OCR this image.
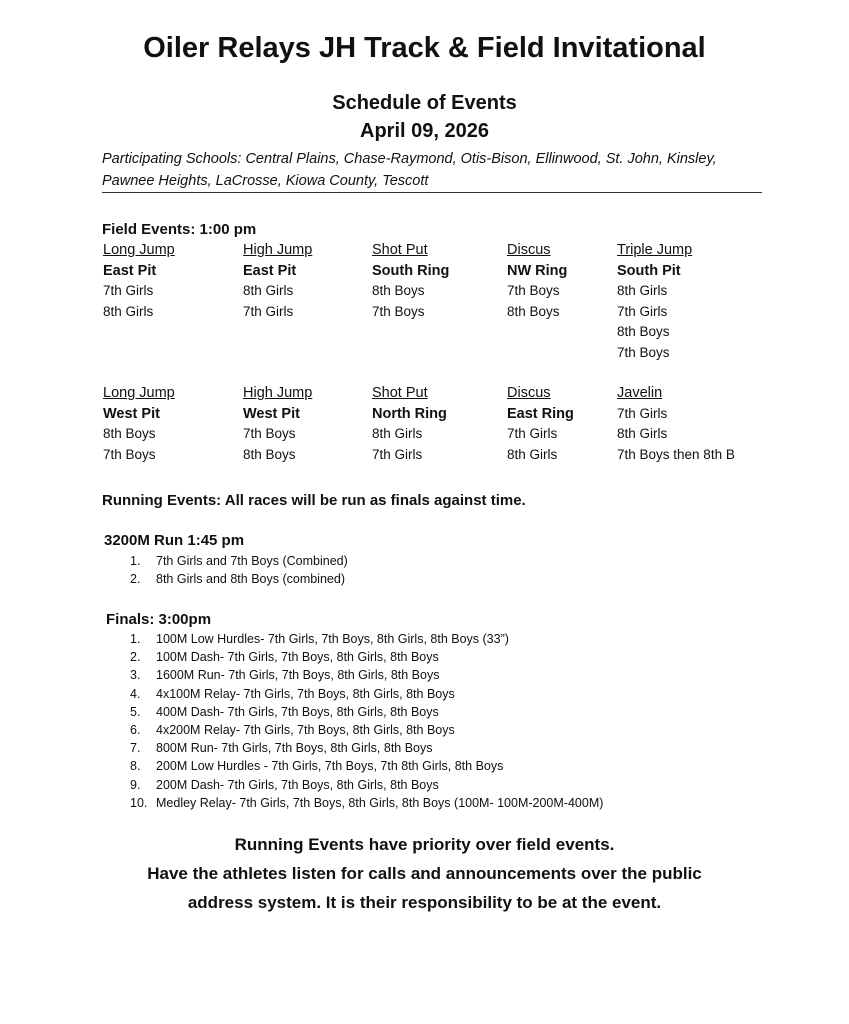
Oiler Relays JH Track & Field Invitational
Schedule of Events
April 09, 2026
Participating Schools: Central Plains, Chase-Raymond, Otis-Bison, Ellinwood, St. John, Kinsley, Pawnee Heights, LaCrosse, Kiowa County, Tescott
Field Events: 1:00 pm
Long Jump
East Pit
7th Girls
8th Girls
High Jump
East Pit
8th Girls
7th Girls
Shot Put
South Ring
8th Boys
7th Boys
Discus
NW Ring
7th Boys
8th Boys
Triple Jump
South Pit
8th Girls
7th Girls
8th Boys
7th Boys
Long Jump
West Pit
8th Boys
7th Boys
High Jump
West Pit
7th Boys
8th Boys
Shot Put
North Ring
8th Girls
7th Girls
Discus
East Ring
7th Girls
8th Girls
Javelin
7th Girls
8th Girls
7th Boys then 8th B
Running Events: All races will be run as finals against time.
3200M Run 1:45 pm
1. 7th Girls and 7th Boys (Combined)
2. 8th Girls and 8th Boys (combined)
Finals: 3:00pm
1. 100M Low Hurdles- 7th Girls, 7th Boys, 8th Girls, 8th Boys (33”)
2. 100M Dash- 7th Girls, 7th Boys, 8th Girls, 8th Boys
3. 1600M Run- 7th Girls, 7th Boys, 8th Girls, 8th Boys
4. 4x100M Relay- 7th Girls, 7th Boys, 8th Girls, 8th Boys
5. 400M Dash- 7th Girls, 7th Boys, 8th Girls, 8th Boys
6. 4x200M Relay- 7th Girls, 7th Boys, 8th Girls, 8th Boys
7. 800M Run- 7th Girls, 7th Boys, 8th Girls, 8th Boys
8. 200M Low Hurdles - 7th Girls, 7th Boys, 7th 8th Girls, 8th Boys
9. 200M Dash- 7th Girls, 7th Boys, 8th Girls, 8th Boys
10. Medley Relay- 7th Girls, 7th Boys, 8th Girls, 8th Boys (100M- 100M-200M-400M)
Running Events have priority over field events.
Have the athletes listen for calls and announcements over the public
address system. It is their responsibility to be at the event.
